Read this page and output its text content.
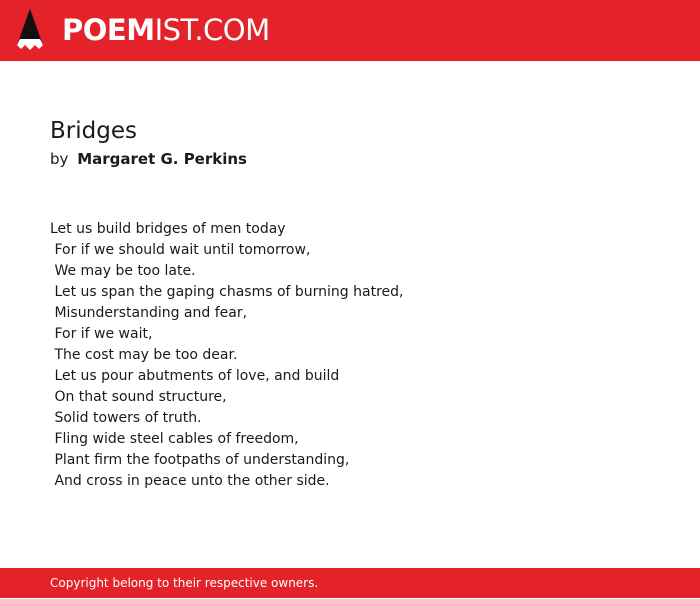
POEMIST.COM
Bridges
by Margaret G. Perkins
Let us build bridges of men today
For if we should wait until tomorrow,
We may be too late.
Let us span the gaping chasms of burning hatred,
Misunderstanding and fear,
For if we wait,
The cost may be too dear.
Let us pour abutments of love, and build
On that sound structure,
Solid towers of truth.
Fling wide steel cables of freedom,
Plant firm the footpaths of understanding,
And cross in peace unto the other side.
Copyright belong to their respective owners.
